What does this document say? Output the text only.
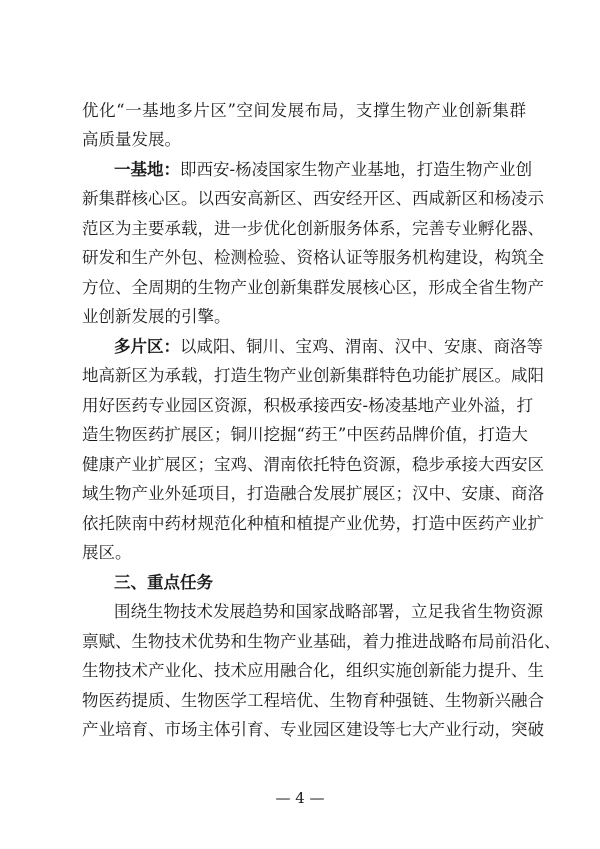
优化“一基地多片区”空间发展布局，支撑生物产业创新集群
高质量发展。
一基地：即西安-杨凌国家生物产业基地，打造生物产业创
新集群核心区。以西安高新区、西安经开区、西咸新区和杨凌示
范区为主要承载，进一步优化创新服务体系，完善专业孵化器、
研发和生产外包、检测检验、资格认证等服务机构建设，构筑全
方位、全周期的生物产业创新集群发展核心区，形成全省生物产
业创新发展的引擎。
多片区：以咸阳、铜川、宝鸡、渭南、汉中、安康、商洛等
地高新区为承载，打造生物产业创新集群特色功能扩展区。咸阳
用好医药专业园区资源，积极承接西安-杨凌基地产业外溢，打
造生物医药扩展区；铜川挖掘“药王”中医药品牌价值，打造大
健康产业扩展区；宝鸡、渭南依托特色资源，稳步承接大西安区
域生物产业外延项目，打造融合发展扩展区；汉中、安康、商洛
依托陕南中药材规范化种植和植提产业优势，打造中医药产业扩
展区。
三、重点任务
围绕生物技术发展趋势和国家战略部署，立足我省生物资源
禀赋、生物技术优势和生物产业基础，着力推进战略布局前沿化、
生物技术产业化、技术应用融合化，组织实施创新能力提升、生
物医药提质、生物医学工程培优、生物育种强链、生物新兴融合
产业培育、市场主体引育、专业园区建设等七大产业行动，突破
— 4 —
